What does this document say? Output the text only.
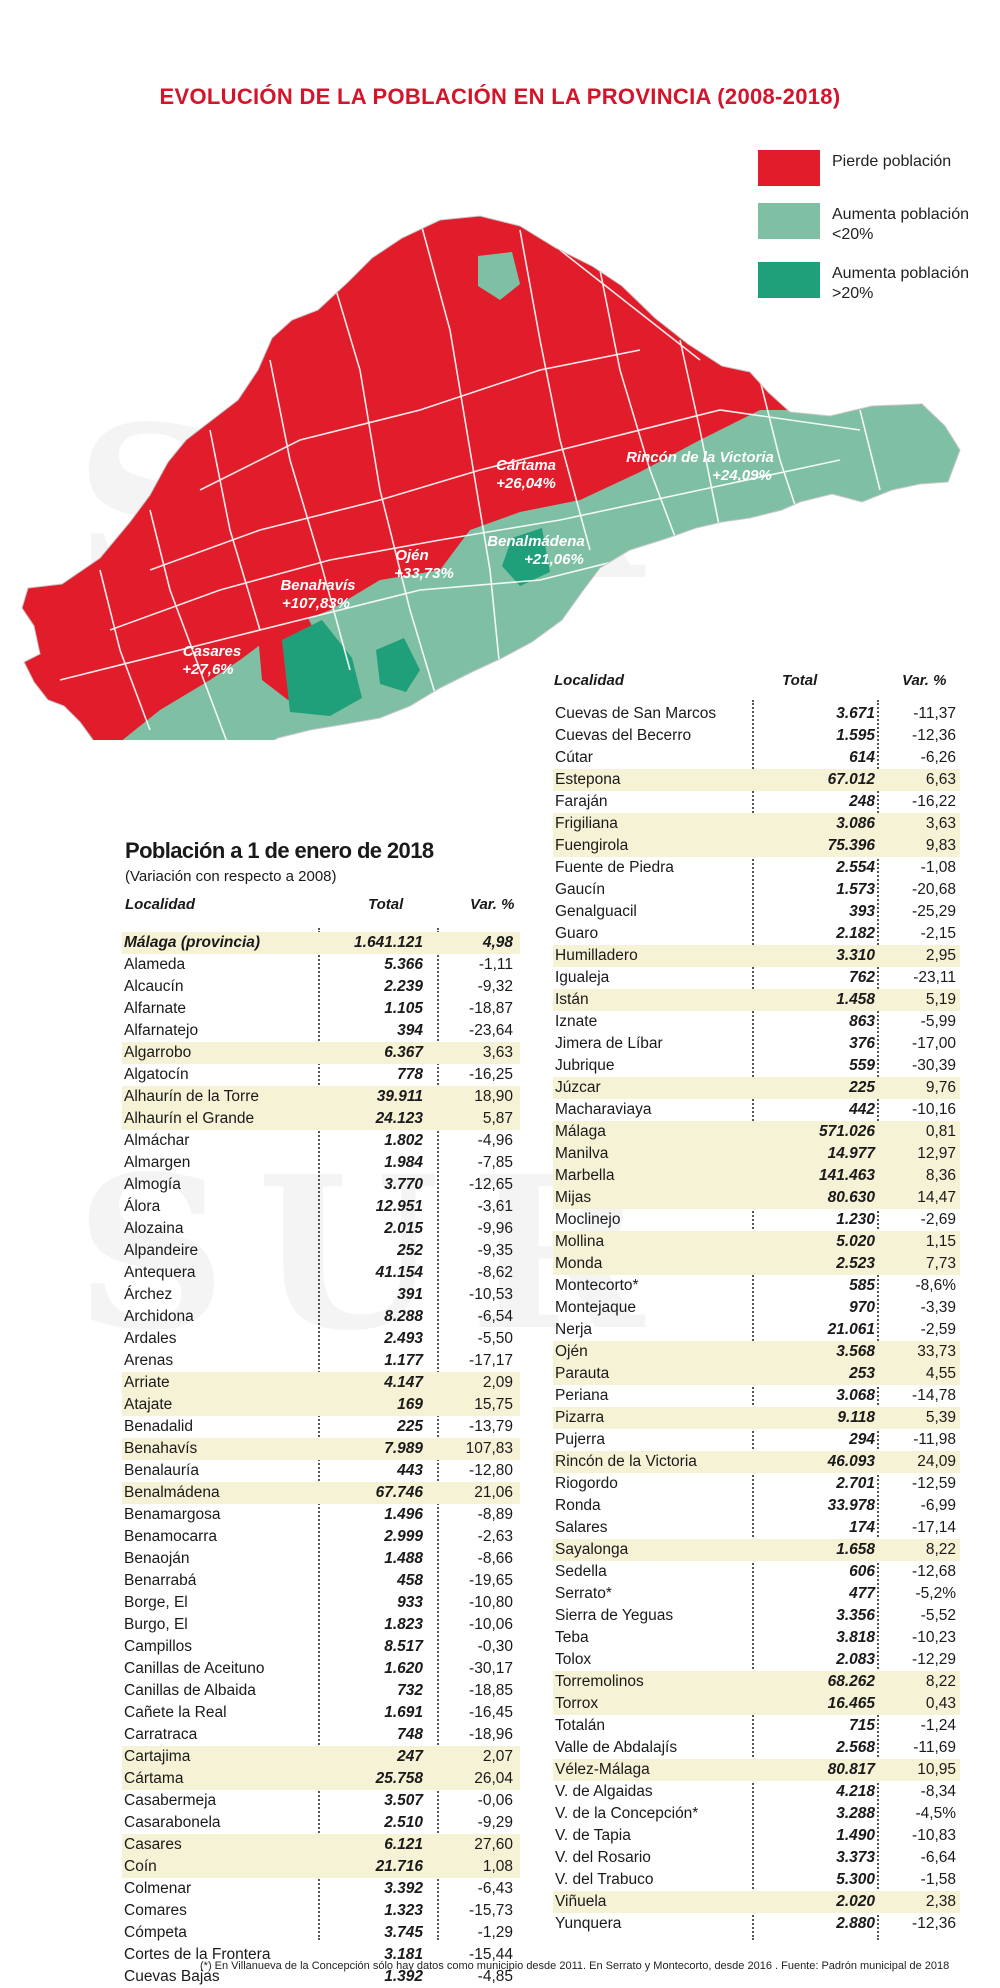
EVOLUCIÓN DE LA POBLACIÓN EN LA PROVINCIA (2008-2018)
Cártama
+26,04%
Rincón de la Victoria
+24,09%
Benalmádena
+21,06%
Ojén
+33,73%
Benahavís
+107,83%
Casares
+27,6%
Pierde población
Aumenta población
<20%
Aumenta población
>20%
Población a 1 de enero de 2018
(Variación con respecto a 2008)
Localidad	Total	Var. %
Málaga (provincia)	1.641.121	4,98
Alameda	5.366	-1,11
Alcaucín	2.239	-9,32
Alfarnate	1.105	-18,87
Alfarnatejo	394	-23,64
Algarrobo	6.367	3,63
Algatocín	778	-16,25
Alhaurín de la Torre	39.911	18,90
Alhaurín el Grande	24.123	5,87
Almáchar	1.802	-4,96
Almargen	1.984	-7,85
Almogía	3.770	-12,65
Álora	12.951	-3,61
Alozaina	2.015	-9,96
Alpandeire	252	-9,35
Antequera	41.154	-8,62
Árchez	391	-10,53
Archidona	8.288	-6,54
Ardales	2.493	-5,50
Arenas	1.177	-17,17
Arriate	4.147	2,09
Atajate	169	15,75
Benadalid	225	-13,79
Benahavís	7.989	107,83
Benalauría	443	-12,80
Benalmádena	67.746	21,06
Benamargosa	1.496	-8,89
Benamocarra	2.999	-2,63
Benaoján	1.488	-8,66
Benarrabá	458	-19,65
Borge, El	933	-10,80
Burgo, El	1.823	-10,06
Campillos	8.517	-0,30
Canillas de Aceituno	1.620	-30,17
Canillas de Albaida	732	-18,85
Cañete la Real	1.691	-16,45
Carratraca	748	-18,96
Cartajima	247	2,07
Cártama	25.758	26,04
Casabermeja	3.507	-0,06
Casarabonela	2.510	-9,29
Casares	6.121	27,60
Coín	21.716	1,08
Colmenar	3.392	-6,43
Comares	1.323	-15,73
Cómpeta	3.745	-1,29
Cortes de la Frontera	3.181	-15,44
Cuevas Bajas	1.392	-4,85
Localidad	Total	Var. %
Cuevas de San Marcos	3.671 -11,37
Cuevas del Becerro	1.595 -12,36
Cútar	614	-6,26
Estepona	67.012	6,63
Faraján	248 -16,22
Frigiliana	3.086	3,63
Fuengirola	75.396	9,83
Fuente de Piedra	2.554	-1,08
Gaucín	1.573 -20,68
Genalguacil	393 -25,29
Guaro	2.182	-2,15
Humilladero	3.310	2,95
Igualeja	762 -23,11
Istán	1.458	5,19
Iznate	863	-5,99
Jimera de Líbar	376 -17,00
Jubrique	559 -30,39
Júzcar	225	9,76
Macharaviaya	442 -10,16
Málaga	571.026	0,81
Manilva	14.977	12,97
Marbella	141.463	8,36
Mijas	80.630	14,47
Moclinejo	1.230	-2,69
Mollina	5.020	1,15
Monda	2.523	7,73
Montecorto*	585	-8,6%
Montejaque	970	-3,39
Nerja	21.061	-2,59
Ojén	3.568	33,73
Parauta	253	4,55
Periana	3.068 -14,78
Pizarra	9.118	5,39
Pujerra	294 -11,98
Rincón de la Victoria	46.093	24,09
Riogordo	2.701 -12,59
Ronda	33.978	-6,99
Salares	174 -17,14
Sayalonga	1.658	8,22
Sedella	606 -12,68
Serrato*	477	-5,2%
Sierra de Yeguas	3.356	-5,52
Teba	3.818 -10,23
Tolox	2.083 -12,29
Torremolinos	68.262	8,22
Torrox	16.465	0,43
Totalán	715	-1,24
Valle de Abdalajís	2.568 -11,69
Vélez-Málaga	80.817	10,95
V. de Algaidas	4.218	-8,34
V. de la Concepción*	3.288	-4,5%
V. de Tapia	1.490 -10,83
V. del Rosario	3.373	-6,64
V. del Trabuco	5.300	-1,58
Viñuela	2.020	2,38
Yunquera	2.880 -12,36
(*) En Villanueva de la Concepción sólo hay datos como municipio desde 2011. En Serrato y Montecorto, desde 2016 . Fuente: Padrón municipal de 2018
